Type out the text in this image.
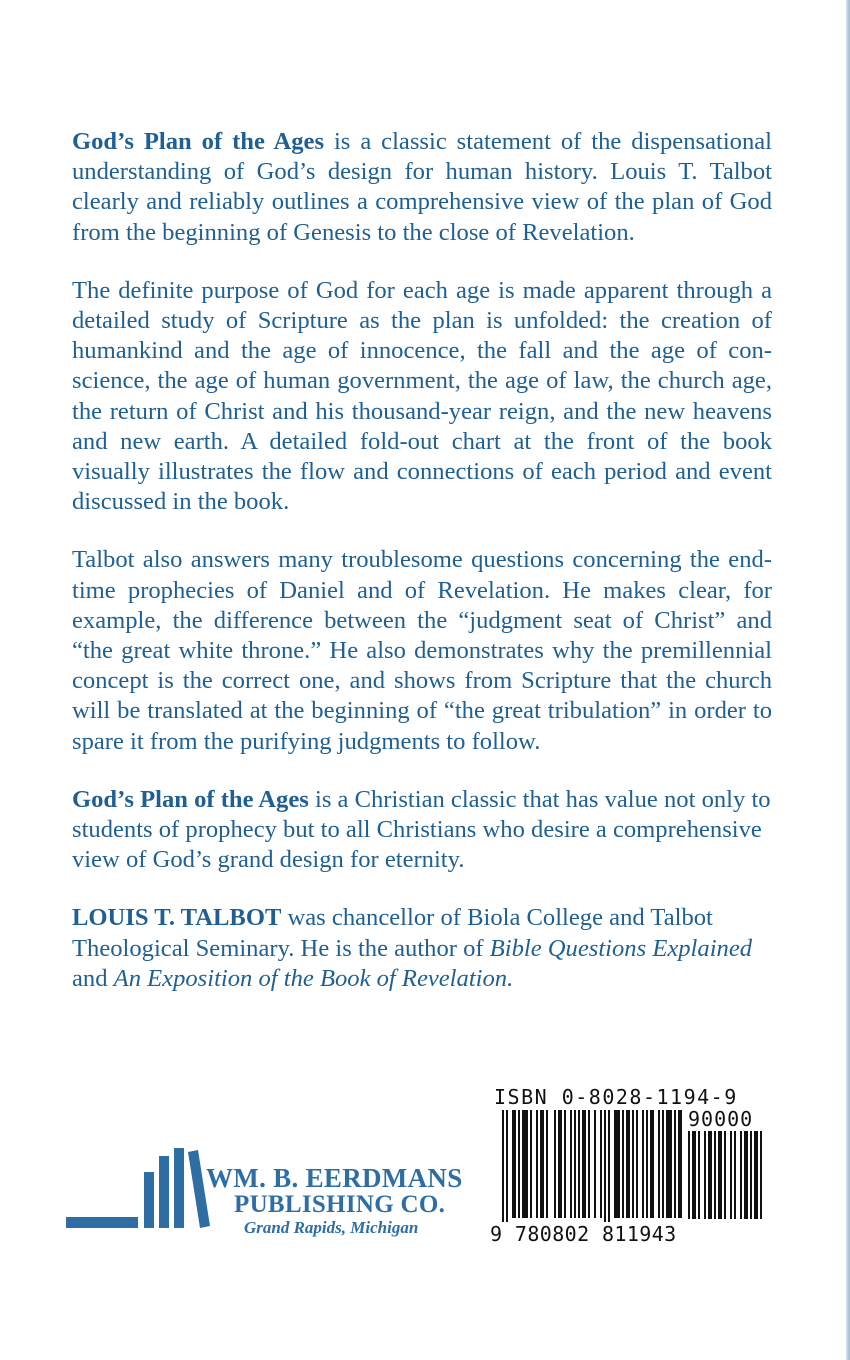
God’s Plan of the Ages is a classic statement of the dispensational understanding of God’s design for human history. Louis T. Talbot clearly and reliably outlines a comprehensive view of the plan of God from the beginning of Genesis to the close of Revelation.

The definite purpose of God for each age is made apparent through a detailed study of Scripture as the plan is unfolded: the creation of humankind and the age of innocence, the fall and the age of conscience, the age of human government, the age of law, the church age, the return of Christ and his thousand-year reign, and the new heavens and new earth. A detailed fold-out chart at the front of the book visually illustrates the flow and connections of each period and event discussed in the book.

Talbot also answers many troublesome questions concerning the end-time prophecies of Daniel and of Revelation. He makes clear, for example, the difference between the “judgment seat of Christ” and “the great white throne.” He also demonstrates why the premillennial concept is the correct one, and shows from Scripture that the church will be translated at the beginning of “the great tribulation” in order to spare it from the purifying judgments to follow.

God’s Plan of the Ages is a Christian classic that has value not only to students of prophecy but to all Christians who desire a comprehensive view of God’s grand design for eternity.

LOUIS T. TALBOT was chancellor of Biola College and Talbot Theological Seminary. He is the author of Bible Questions Explained and An Exposition of the Book of Revelation.

WM. B. EERDMANS
PUBLISHING CO.
Grand Rapids, Michigan
ISBN 0-8028-1194-9
90000
9 780802 811943
